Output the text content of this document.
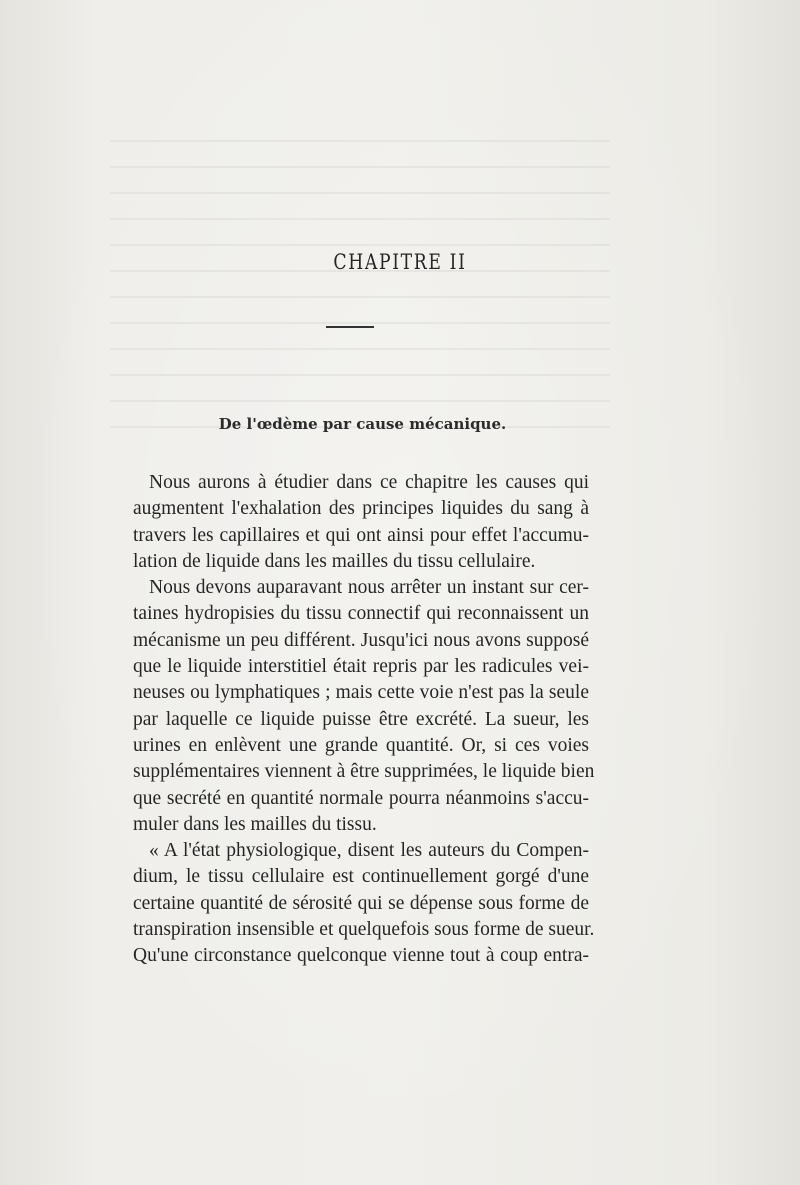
CHAPITRE II
De l'œdème par cause mécanique.
Nous aurons à étudier dans ce chapitre les causes qui
augmentent l'exhalation des principes liquides du sang à
travers les capillaires et qui ont ainsi pour effet l'accumu-
lation de liquide dans les mailles du tissu cellulaire.
Nous devons auparavant nous arrêter un instant sur cer-
taines hydropisies du tissu connectif qui reconnaissent un
mécanisme un peu différent. Jusqu'ici nous avons supposé
que le liquide interstitiel était repris par les radicules vei-
neuses ou lymphatiques ; mais cette voie n'est pas la seule
par laquelle ce liquide puisse être excrété. La sueur, les
urines en enlèvent une grande quantité. Or, si ces voies
supplémentaires viennent à être supprimées, le liquide bien
que secrété en quantité normale pourra néanmoins s'accu-
muler dans les mailles du tissu.
« A l'état physiologique, disent les auteurs du Compen-
dium, le tissu cellulaire est continuellement gorgé d'une
certaine quantité de sérosité qui se dépense sous forme de
transpiration insensible et quelquefois sous forme de sueur.
Qu'une circonstance quelconque vienne tout à coup entra-
